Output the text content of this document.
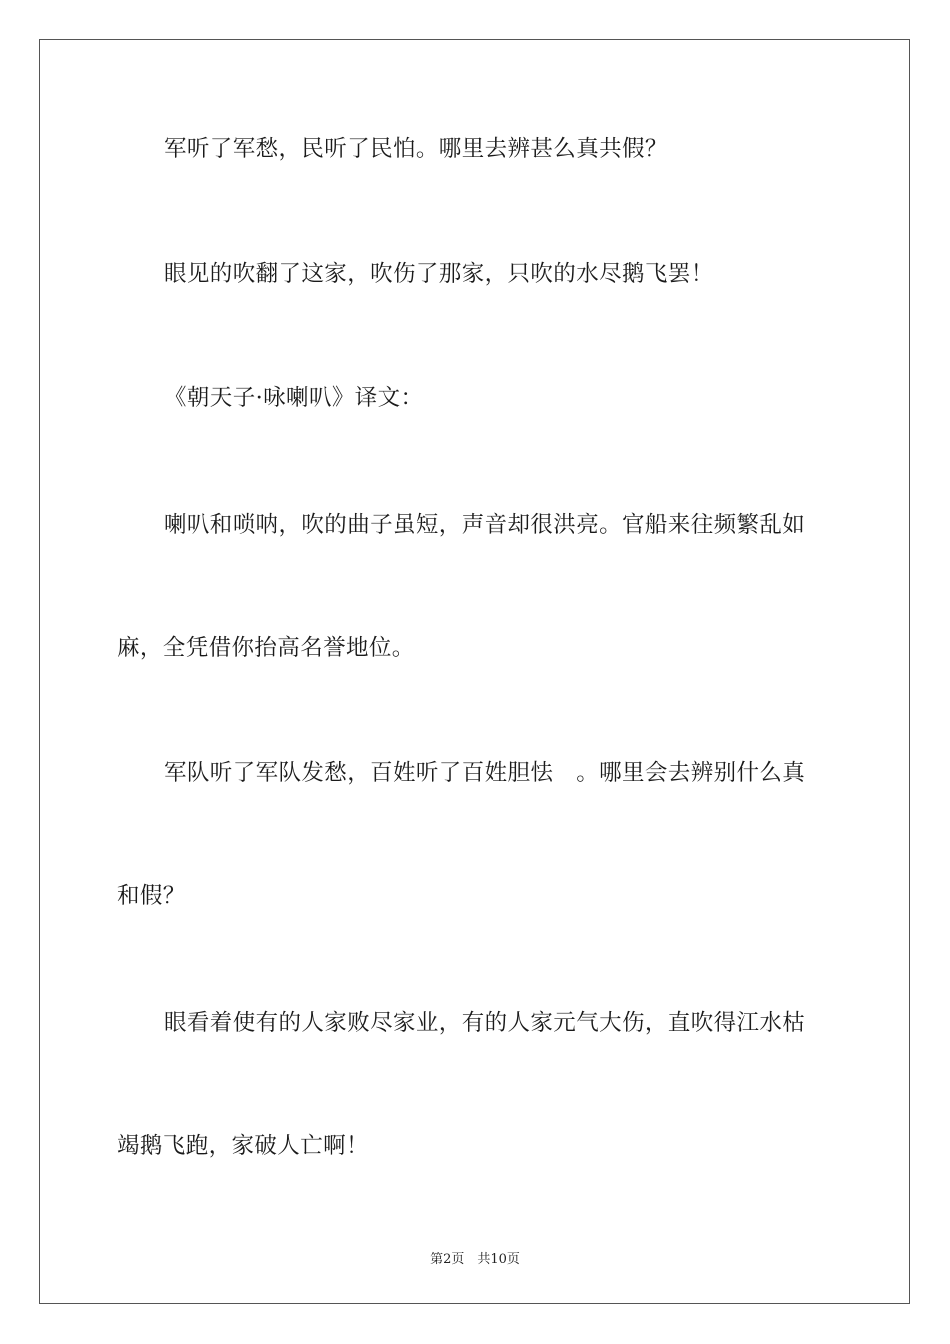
军听了军愁，民听了民怕。哪里去辨甚么真共假？
眼见的吹翻了这家，吹伤了那家，只吹的水尽鹅飞罢！
《朝天子·咏喇叭》译文：
喇叭和唢呐，吹的曲子虽短，声音却很洪亮。官船来往频繁乱如
麻，全凭借你抬高名誉地位。
军队听了军队发愁，百姓听了百姓胆怯　。哪里会去辨别什么真
和假？
眼看着使有的人家败尽家业，有的人家元气大伤，直吹得江水枯
竭鹅飞跑，家破人亡啊！
第2页　共10页
